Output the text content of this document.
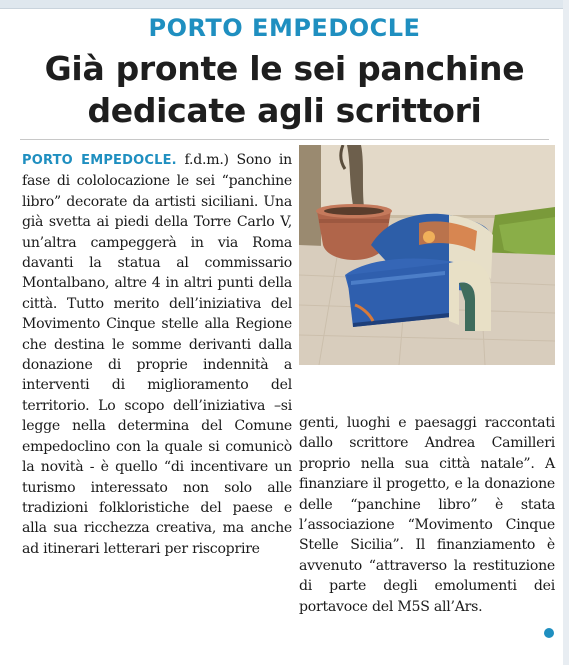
PORTO EMPEDOCLE
Già pronte le sei panchine
dedicate agli scrittori

PORTO EMPEDOCLE. f.d.m.) Sono in fase di cololocazione le sei “panchine libro” decorate da artisti siciliani. Una già svetta ai piedi della Torre Carlo V, un’altra campeggerà in via Roma davanti la statua al commissario Montalbano, altre 4 in altri punti della città. Tutto merito dell’iniziativa del Movimento Cinque stelle alla Regione che destina le somme derivanti dalla donazione di proprie indennità a interventi di miglioramento del territorio. Lo scopo dell’iniziativa –si legge nella determina del Comune empedoclino con la quale si comunicò la novità - è quello “di incentivare un turismo interessato non solo alle tradizioni folkloristiche del paese e alla sua ricchezza creativa, ma anche ad itinerari letterari per riscoprire

genti, luoghi e paesaggi raccontati dallo scrittore Andrea Camilleri proprio nella sua città natale”. A finanziare il progetto, e la donazione delle “panchine libro” è stata l’associazione “Movimento Cinque Stelle Sicilia”. Il finanziamento è avvenuto “attraverso la restituzione di parte degli emolumenti dei portavoce del M5S all’Ars.
